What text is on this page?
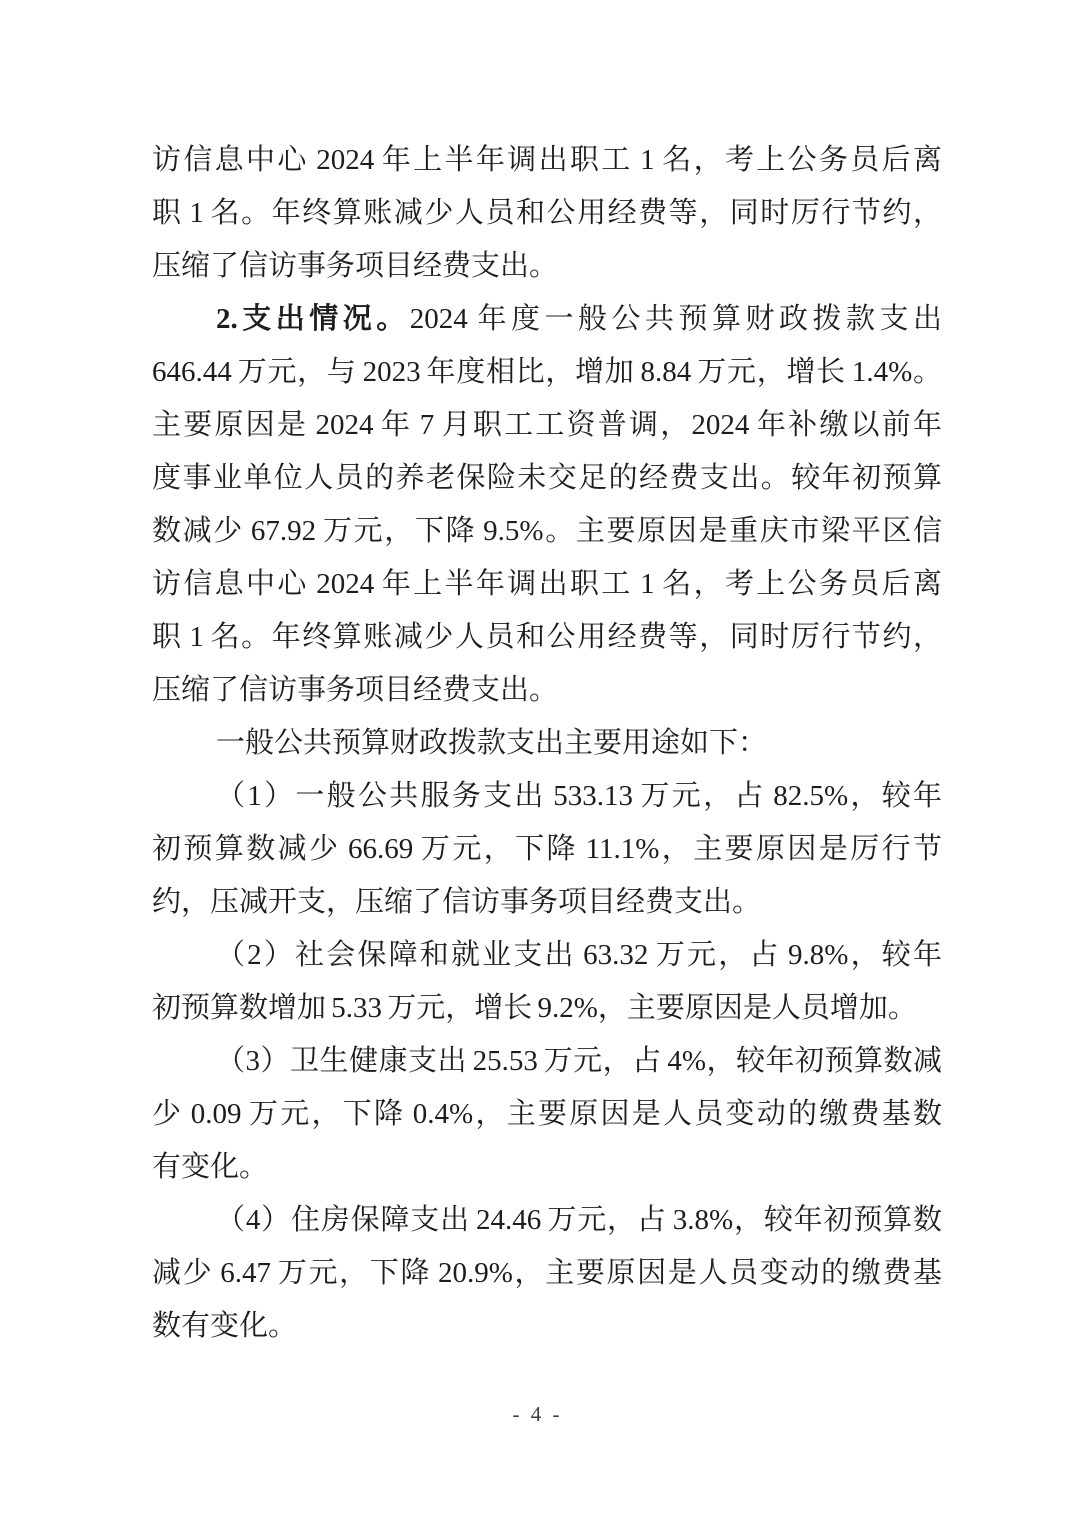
访信息中心 2024 年上半年调出职工 1 名，考上公务员后离
职 1 名。年终算账减少人员和公用经费等，同时厉行节约，
压缩了信访事务项目经费支出。
2.支出情况。2024 年度一般公共预算财政拨款支出
646.44 万元，与 2023 年度相比，增加 8.84 万元，增长 1.4%。
主要原因是 2024 年 7 月职工工资普调，2024 年补缴以前年
度事业单位人员的养老保险未交足的经费支出。较年初预算
数减少 67.92 万元，下降 9.5%。主要原因是重庆市梁平区信
访信息中心 2024 年上半年调出职工 1 名，考上公务员后离
职 1 名。年终算账减少人员和公用经费等，同时厉行节约，
压缩了信访事务项目经费支出。
一般公共预算财政拨款支出主要用途如下：
（1）一般公共服务支出 533.13 万元，占 82.5%，较年
初预算数减少 66.69 万元，下降 11.1%，主要原因是厉行节
约，压减开支，压缩了信访事务项目经费支出。
（2）社会保障和就业支出 63.32 万元，占 9.8%，较年
初预算数增加 5.33 万元，增长 9.2%，主要原因是人员增加。
（3）卫生健康支出 25.53 万元，占 4%，较年初预算数减
少 0.09 万元，下降 0.4%，主要原因是人员变动的缴费基数
有变化。
（4）住房保障支出 24.46 万元，占 3.8%，较年初预算数
减少 6.47 万元，下降 20.9%，主要原因是人员变动的缴费基
数有变化。
- 4 -
